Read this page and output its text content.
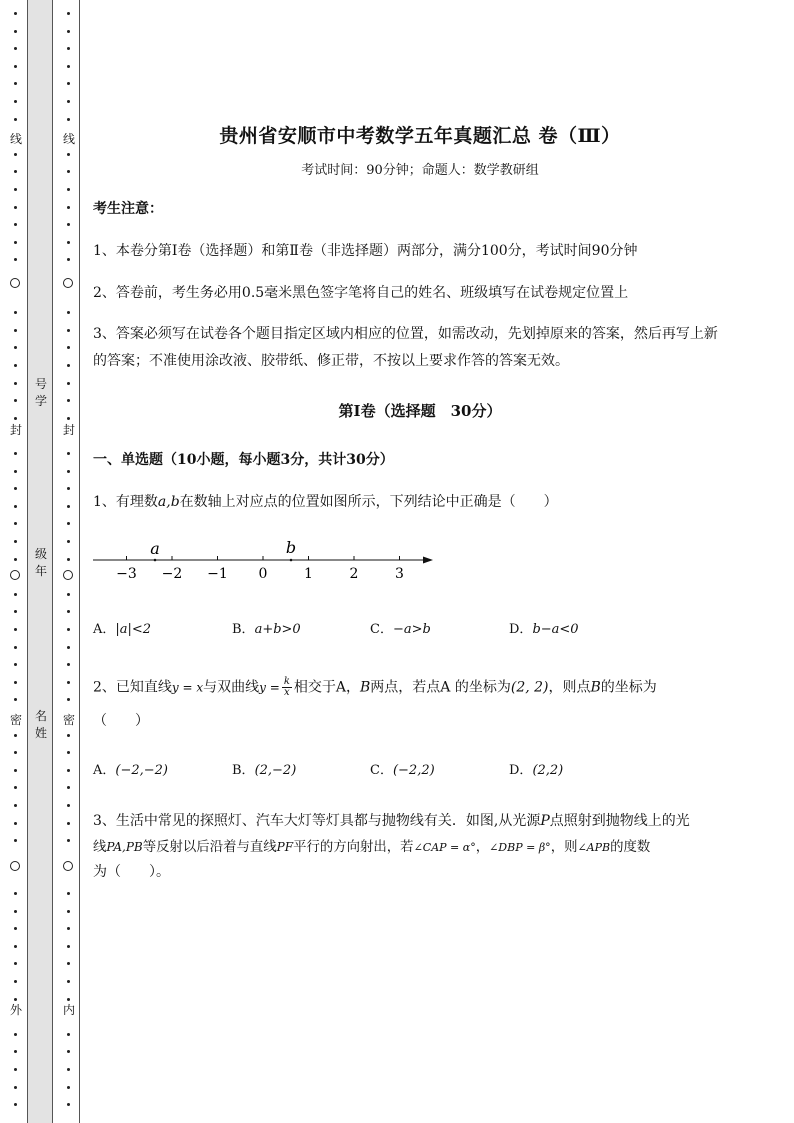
线
封
密
外
号学
级年
名姓
线
封
密
内
贵州省安顺市中考数学五年真题汇总 卷（Ⅲ）
考试时间：90分钟；命题人：数学教研组
考生注意：
1、本卷分第Ⅰ卷（选择题）和第Ⅱ卷（非选择题）两部分，满分100分，考试时间90分钟
2、答卷前，考生务必用0.5毫米黑色签字笔将自己的姓名、班级填写在试卷规定位置上
3、答案必须写在试卷各个题目指定区域内相应的位置，如需改动，先划掉原来的答案，然后再写上新
的答案；不准使用涂改液、胶带纸、修正带，不按以上要求作答的答案无效。
第Ⅰ卷（选择题　30分）
一、单选题（10小题，每小题3分，共计30分）
1、有理数a,b在数轴上对应点的位置如图所示，下列结论中正确是（　　）
−3 −2 −1 0	1	2	3
a	b
A．|a|<2	B．a+b>0	C．−a>b	D．b−a<0
2、已知直线y = x与双曲线$y = \frac{k}{x}$ 相交于A，B两点，若点A 的坐标为(2, 2)，则点B的坐标为
（　　）
A．(−2,−2)	B．(2,−2)	C．(−2,2)	D．(2,2)
3、生活中常见的探照灯、汽车大灯等灯具都与抛物线有关．如图,从光源P点照射到抛物线上的光
线PA,PB等反射以后沿着与直线PF平行的方向射出，若∠CAP = α°，∠DBP = β°，则∠APB的度数
为（　　）。
